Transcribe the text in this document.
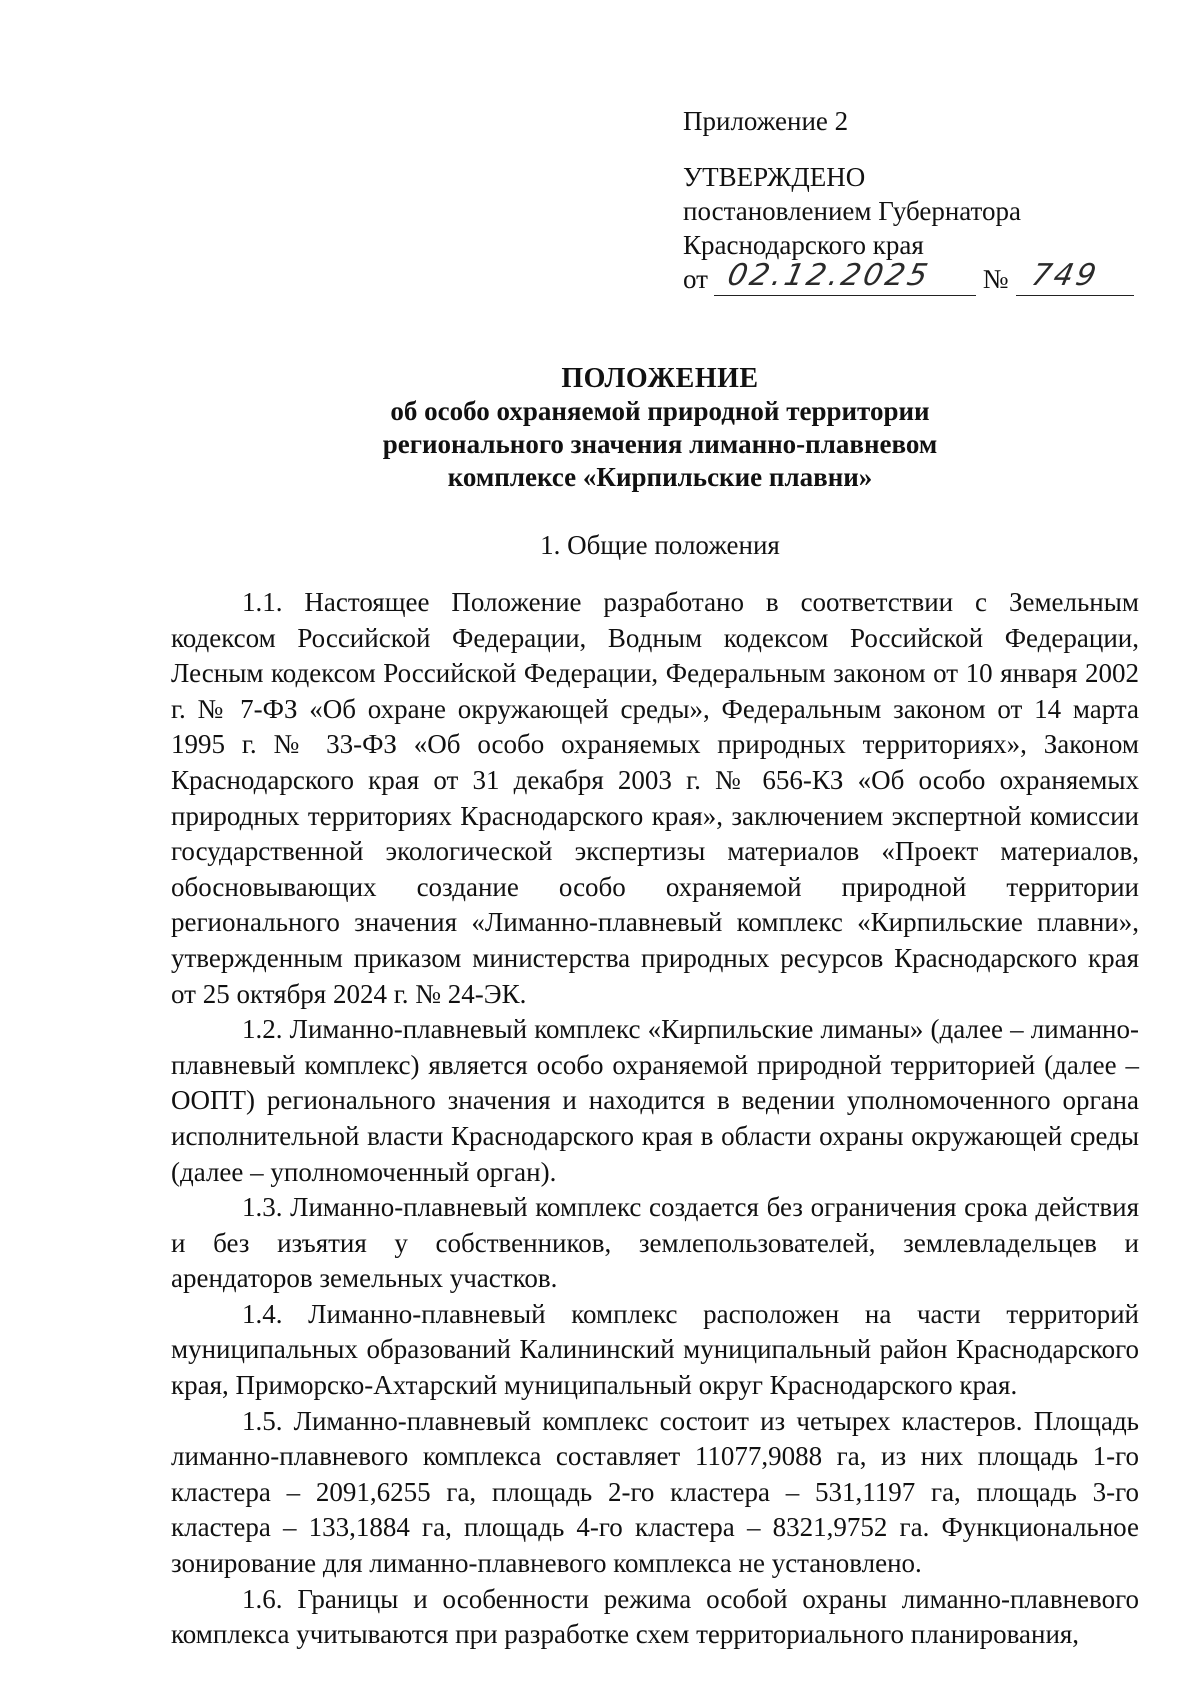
Приложение 2
УТВЕРЖДЕНО
постановлением Губернатора
Краснодарского края
от 02.12.2025 № 749
ПОЛОЖЕНИЕ
об особо охраняемой природной территории
регионального значения лиманно-плавневом
комплексе «Кирпильские плавни»
1. Общие положения

1.1. Настоящее Положение разработано в соответствии с Земельным кодексом Российской Федерации, Водным кодексом Российской Федерации, Лесным кодексом Российской Федерации, Федеральным законом от 10 января 2002 г. № 7-ФЗ «Об охране окружающей среды», Федеральным законом от 14 марта 1995 г. № 33-ФЗ «Об особо охраняемых природных территориях», Законом Краснодарского края от 31 декабря 2003 г. № 656-КЗ «Об особо охраняемых природных территориях Краснодарского края», заключением экспертной комиссии государственной экологической экспертизы материалов «Проект материалов, обосновывающих создание особо охраняемой природной территории регионального значения «Лиманно-плавневый комплекс «Кирпильские плавни», утвержденным приказом министерства природных ресурсов Краснодарского края от 25 октября 2024 г. № 24-ЭК.

1.2. Лиманно-плавневый комплекс «Кирпильские лиманы» (далее – лиманно-плавневый комплекс) является особо охраняемой природной территорией (далее – ООПТ) регионального значения и находится в ведении уполномоченного органа исполнительной власти Краснодарского края в области охраны окружающей среды (далее – уполномоченный орган).

1.3. Лиманно-плавневый комплекс создается без ограничения срока действия и без изъятия у собственников, землепользователей, землевладельцев и арендаторов земельных участков.

1.4. Лиманно-плавневый комплекс расположен на части территорий муниципальных образований Калининский муниципальный район Краснодарского края, Приморско-Ахтарский муниципальный округ Краснодарского края.

1.5. Лиманно-плавневый комплекс состоит из четырех кластеров. Площадь лиманно-плавневого комплекса составляет 11077,9088 га, из них площадь 1-го кластера – 2091,6255 га, площадь 2-го кластера – 531,1197 га, площадь 3-го кластера – 133,1884 га, площадь 4-го кластера – 8321,9752 га. Функциональное зонирование для лиманно-плавневого комплекса не установлено.

1.6. Границы и особенности режима особой охраны лиманно-плавневого комплекса учитываются при разработке схем территориального планирования,
